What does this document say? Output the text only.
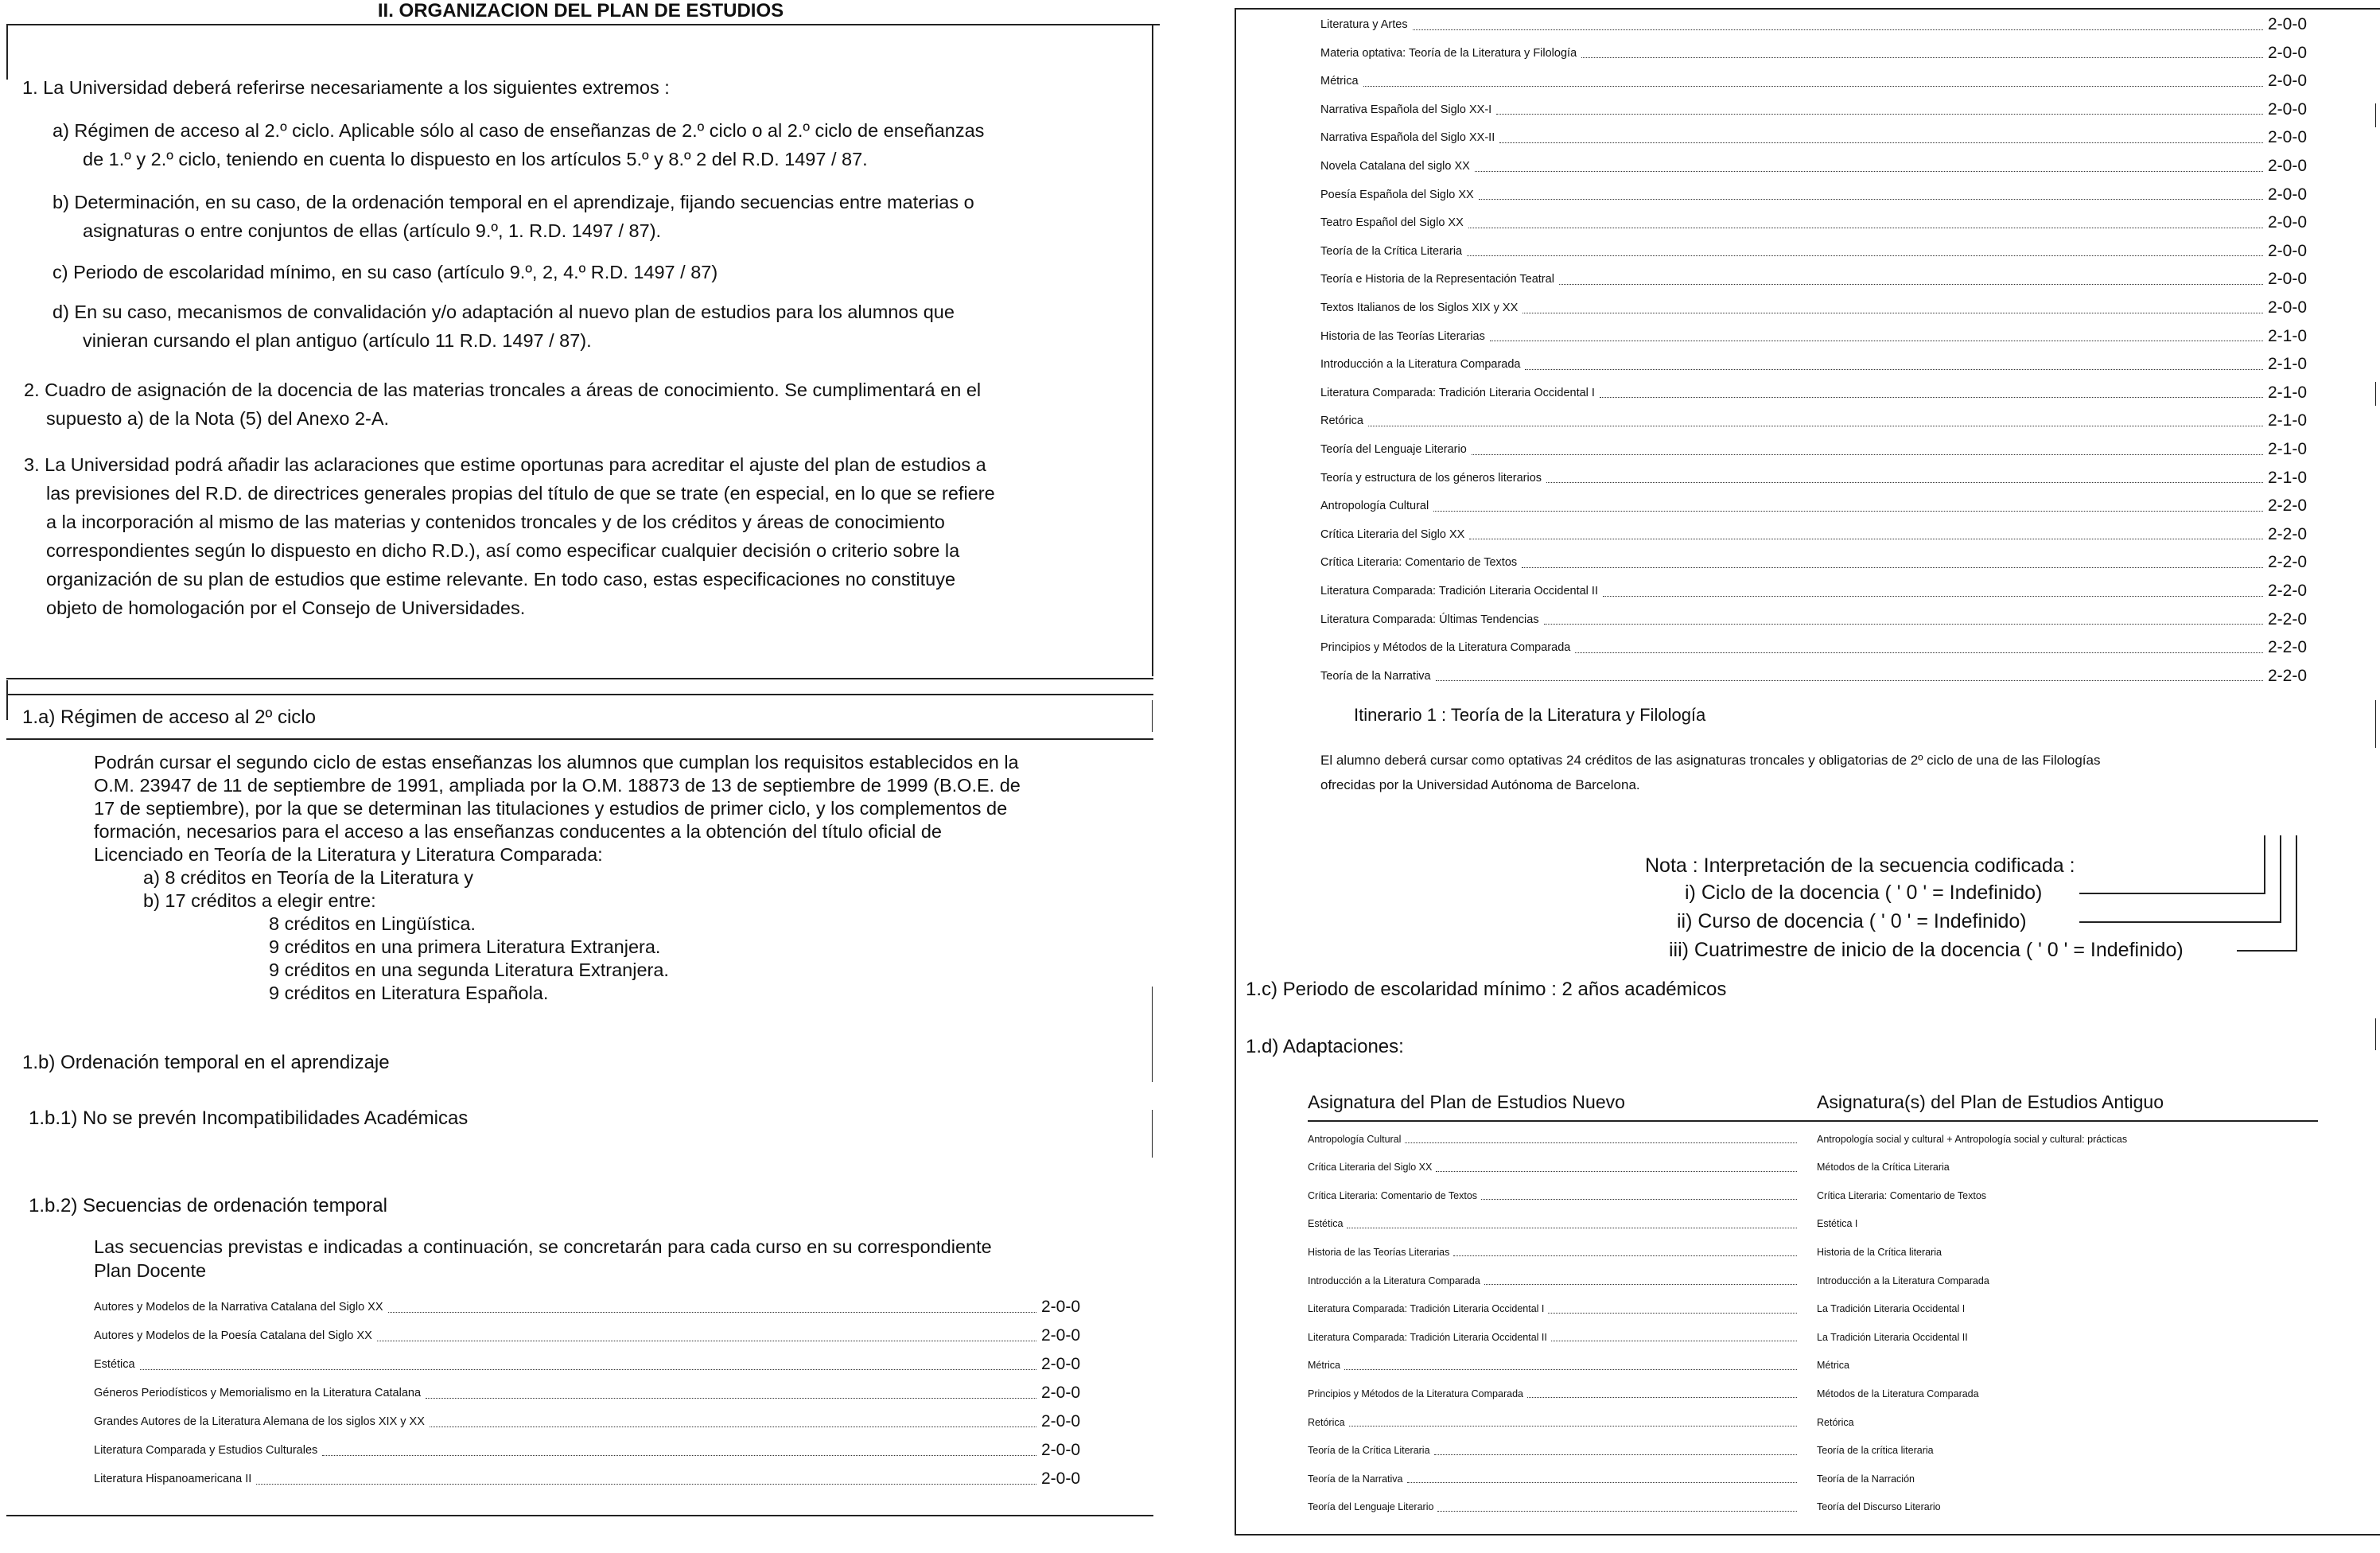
II. ORGANIZACION DEL PLAN DE ESTUDIOS
1. La Universidad deberá referirse necesariamente a los siguientes extremos :
a) Régimen de acceso al 2.º ciclo. Aplicable sólo al caso de enseñanzas de 2.º ciclo o al 2.º ciclo de enseñanzas
de 1.º y 2.º ciclo, teniendo en cuenta lo dispuesto en los artículos 5.º y 8.º 2 del R.D. 1497 / 87.
b) Determinación, en su caso, de la ordenación temporal en el aprendizaje, fijando secuencias entre materias o
asignaturas o entre conjuntos de ellas (artículo 9.º, 1. R.D. 1497 / 87).
c) Periodo de escolaridad mínimo, en su caso (artículo 9.º, 2, 4.º R.D. 1497 / 87)
d) En su caso, mecanismos de convalidación y/o adaptación al nuevo plan de estudios para los alumnos que
vinieran cursando el plan antiguo (artículo 11 R.D. 1497 / 87).
2. Cuadro de asignación de la docencia de las materias troncales a áreas de conocimiento. Se cumplimentará en el
supuesto a) de la Nota (5) del Anexo 2-A.
3. La Universidad podrá añadir las aclaraciones que estime oportunas para acreditar el ajuste del plan de estudios a
las previsiones del R.D. de directrices generales propias del título de que se trate (en especial, en lo que se refiere
a la incorporación al mismo de las materias y contenidos troncales y de los créditos y áreas de conocimiento
correspondientes según lo dispuesto en dicho R.D.), así como especificar cualquier decisión o criterio sobre la
organización de su plan de estudios que estime relevante. En todo caso, estas especificaciones no constituye
objeto de homologación por el Consejo de Universidades.
1.a) Régimen de acceso al 2º ciclo
Podrán cursar el segundo ciclo de estas enseñanzas los alumnos que cumplan los requisitos establecidos en la
O.M. 23947 de 11 de septiembre de 1991, ampliada por la O.M. 18873 de 13 de septiembre de 1999 (B.O.E. de
17 de septiembre), por la que se determinan las titulaciones y estudios de primer ciclo, y los complementos de
formación, necesarios para el acceso a las enseñanzas conducentes a la obtención del título oficial de
Licenciado en Teoría de la Literatura y Literatura Comparada:
a) 8 créditos en Teoría de la Literatura y
b) 17 créditos a elegir entre:
8 créditos en Lingüística.
9 créditos en una primera Literatura Extranjera.
9 créditos en una segunda Literatura Extranjera.
9 créditos en Literatura Española.
1.b) Ordenación temporal en el aprendizaje
1.b.1) No se prevén Incompatibilidades Académicas
1.b.2) Secuencias de ordenación temporal
Las secuencias previstas e indicadas a continuación, se concretarán para cada curso en su correspondiente
Plan Docente
Autores y Modelos de la Narrativa Catalana del Siglo XX	2-0-0
Autores y Modelos de la Poesía Catalana del Siglo XX	2-0-0
Estética	2-0-0
Géneros Periodísticos y Memorialismo en la Literatura Catalana	2-0-0
Grandes Autores de la Literatura Alemana de los siglos XIX y XX	2-0-0
Literatura Comparada y Estudios Culturales	2-0-0
Literatura Hispanoamericana II	2-0-0
Literatura y Artes	2-0-0
Materia optativa: Teoría de la Literatura y Filología	2-0-0
Métrica	2-0-0
Narrativa Española del Siglo XX-I	2-0-0
Narrativa Española del Siglo XX-II	2-0-0
Novela Catalana del siglo XX	2-0-0
Poesía Española del Siglo XX	2-0-0
Teatro Español del Siglo XX	2-0-0
Teoría de la Crítica Literaria	2-0-0
Teoría e Historia de la Representación Teatral	2-0-0
Textos Italianos de los Siglos XIX y XX	2-0-0
Historia de las Teorías Literarias	2-1-0
Introducción a la Literatura Comparada	2-1-0
Literatura Comparada: Tradición Literaria Occidental I	2-1-0
Retórica	2-1-0
Teoría del Lenguaje Literario	2-1-0
Teoría y estructura de los géneros literarios	2-1-0
Antropología Cultural	2-2-0
Crítica Literaria del Siglo XX	2-2-0
Crítica Literaria: Comentario de Textos	2-2-0
Literatura Comparada: Tradición Literaria Occidental II	2-2-0
Literatura Comparada: Últimas Tendencias	2-2-0
Principios y Métodos de la Literatura Comparada	2-2-0
Teoría de la Narrativa	2-2-0
Itinerario 1 : Teoría de la Literatura y Filología
El alumno deberá cursar como optativas 24 créditos de las asignaturas troncales y obligatorias de 2º ciclo de una de las Filologías
ofrecidas por la Universidad Autónoma de Barcelona.
Nota : Interpretación de la secuencia codificada :
i) Ciclo de la docencia ( ' 0 ' = Indefinido)
ii) Curso de docencia ( ' 0 ' = Indefinido)
iii) Cuatrimestre de inicio de la docencia ( ' 0 ' = Indefinido)
1.c) Periodo de escolaridad mínimo : 2 años académicos
1.d) Adaptaciones:
Asignatura del Plan de Estudios Nuevo	Asignatura(s) del Plan de Estudios Antiguo
Antropología Cultural	Antropología social y cultural + Antropología social y cultural: prácticas
Crítica Literaria del Siglo XX	Métodos de la Crítica Literaria
Crítica Literaria: Comentario de Textos	Crítica Literaria: Comentario de Textos
Estética	Estética I
Historia de las Teorías Literarias	Historia de la Crítica literaria
Introducción a la Literatura Comparada	Introducción a la Literatura Comparada
Literatura Comparada: Tradición Literaria Occidental I	La Tradición Literaria Occidental I
Literatura Comparada: Tradición Literaria Occidental II	La Tradición Literaria Occidental II
Métrica	Métrica
Principios y Métodos de la Literatura Comparada	Métodos de la Literatura Comparada
Retórica	Retórica
Teoría de la Crítica Literaria	Teoría de la crítica literaria
Teoría de la Narrativa	Teoría de la Narración
Teoría del Lenguaje Literario	Teoría del Discurso Literario
